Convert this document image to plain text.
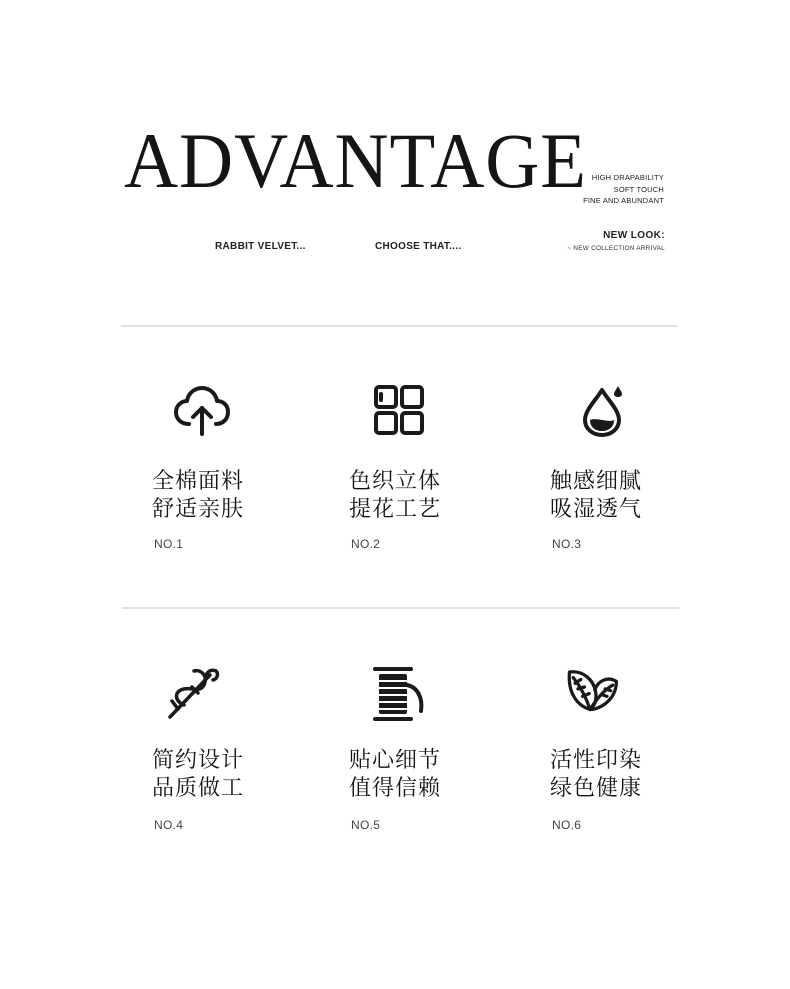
ADVANTAGE HIGH DRAPABILITY
SOFT TOUCH
FINE AND ABUNDANT
RABBIT VELVET...	CHOOSE THAT....
NEW LOOK:
~ NEW COLLECTION ARRIVAL
全棉面料
舒适亲肤
NO.1
色织立体
提花工艺
NO.2
触感细腻
吸湿透气
NO.3
简约设计
品质做工
NO.4
贴心细节
值得信赖
NO.5
活性印染
绿色健康
NO.6
